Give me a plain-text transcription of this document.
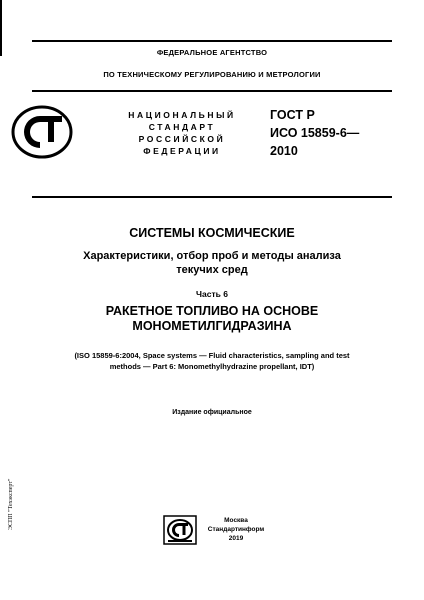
ФЕДЕРАЛЬНОЕ АГЕНТСТВО
ПО ТЕХНИЧЕСКОМУ РЕГУЛИРОВАНИЮ И МЕТРОЛОГИИ
НАЦИОНАЛЬНЫЙ
СТАНДАРТ
РОССИЙСКОЙ
ФЕДЕРАЦИИ
ГОСТ Р
ИСО 15859-6—
2010
СИСТЕМЫ КОСМИЧЕСКИЕ
Характеристики, отбор проб и методы анализа
текучих сред
Часть 6
РАКЕТНОЕ ТОПЛИВО НА ОСНОВЕ
МОНОМЕТИЛГИДРАЗИНА
(ISO 15859-6:2004, Space systems — Fluid characteristics, sampling and test
methods — Part 6: Monomethylhydrazine propellant, IDT)
Издание официальное
Москва
Стандартинформ
2019
ЭСПП "Техэксперт"
